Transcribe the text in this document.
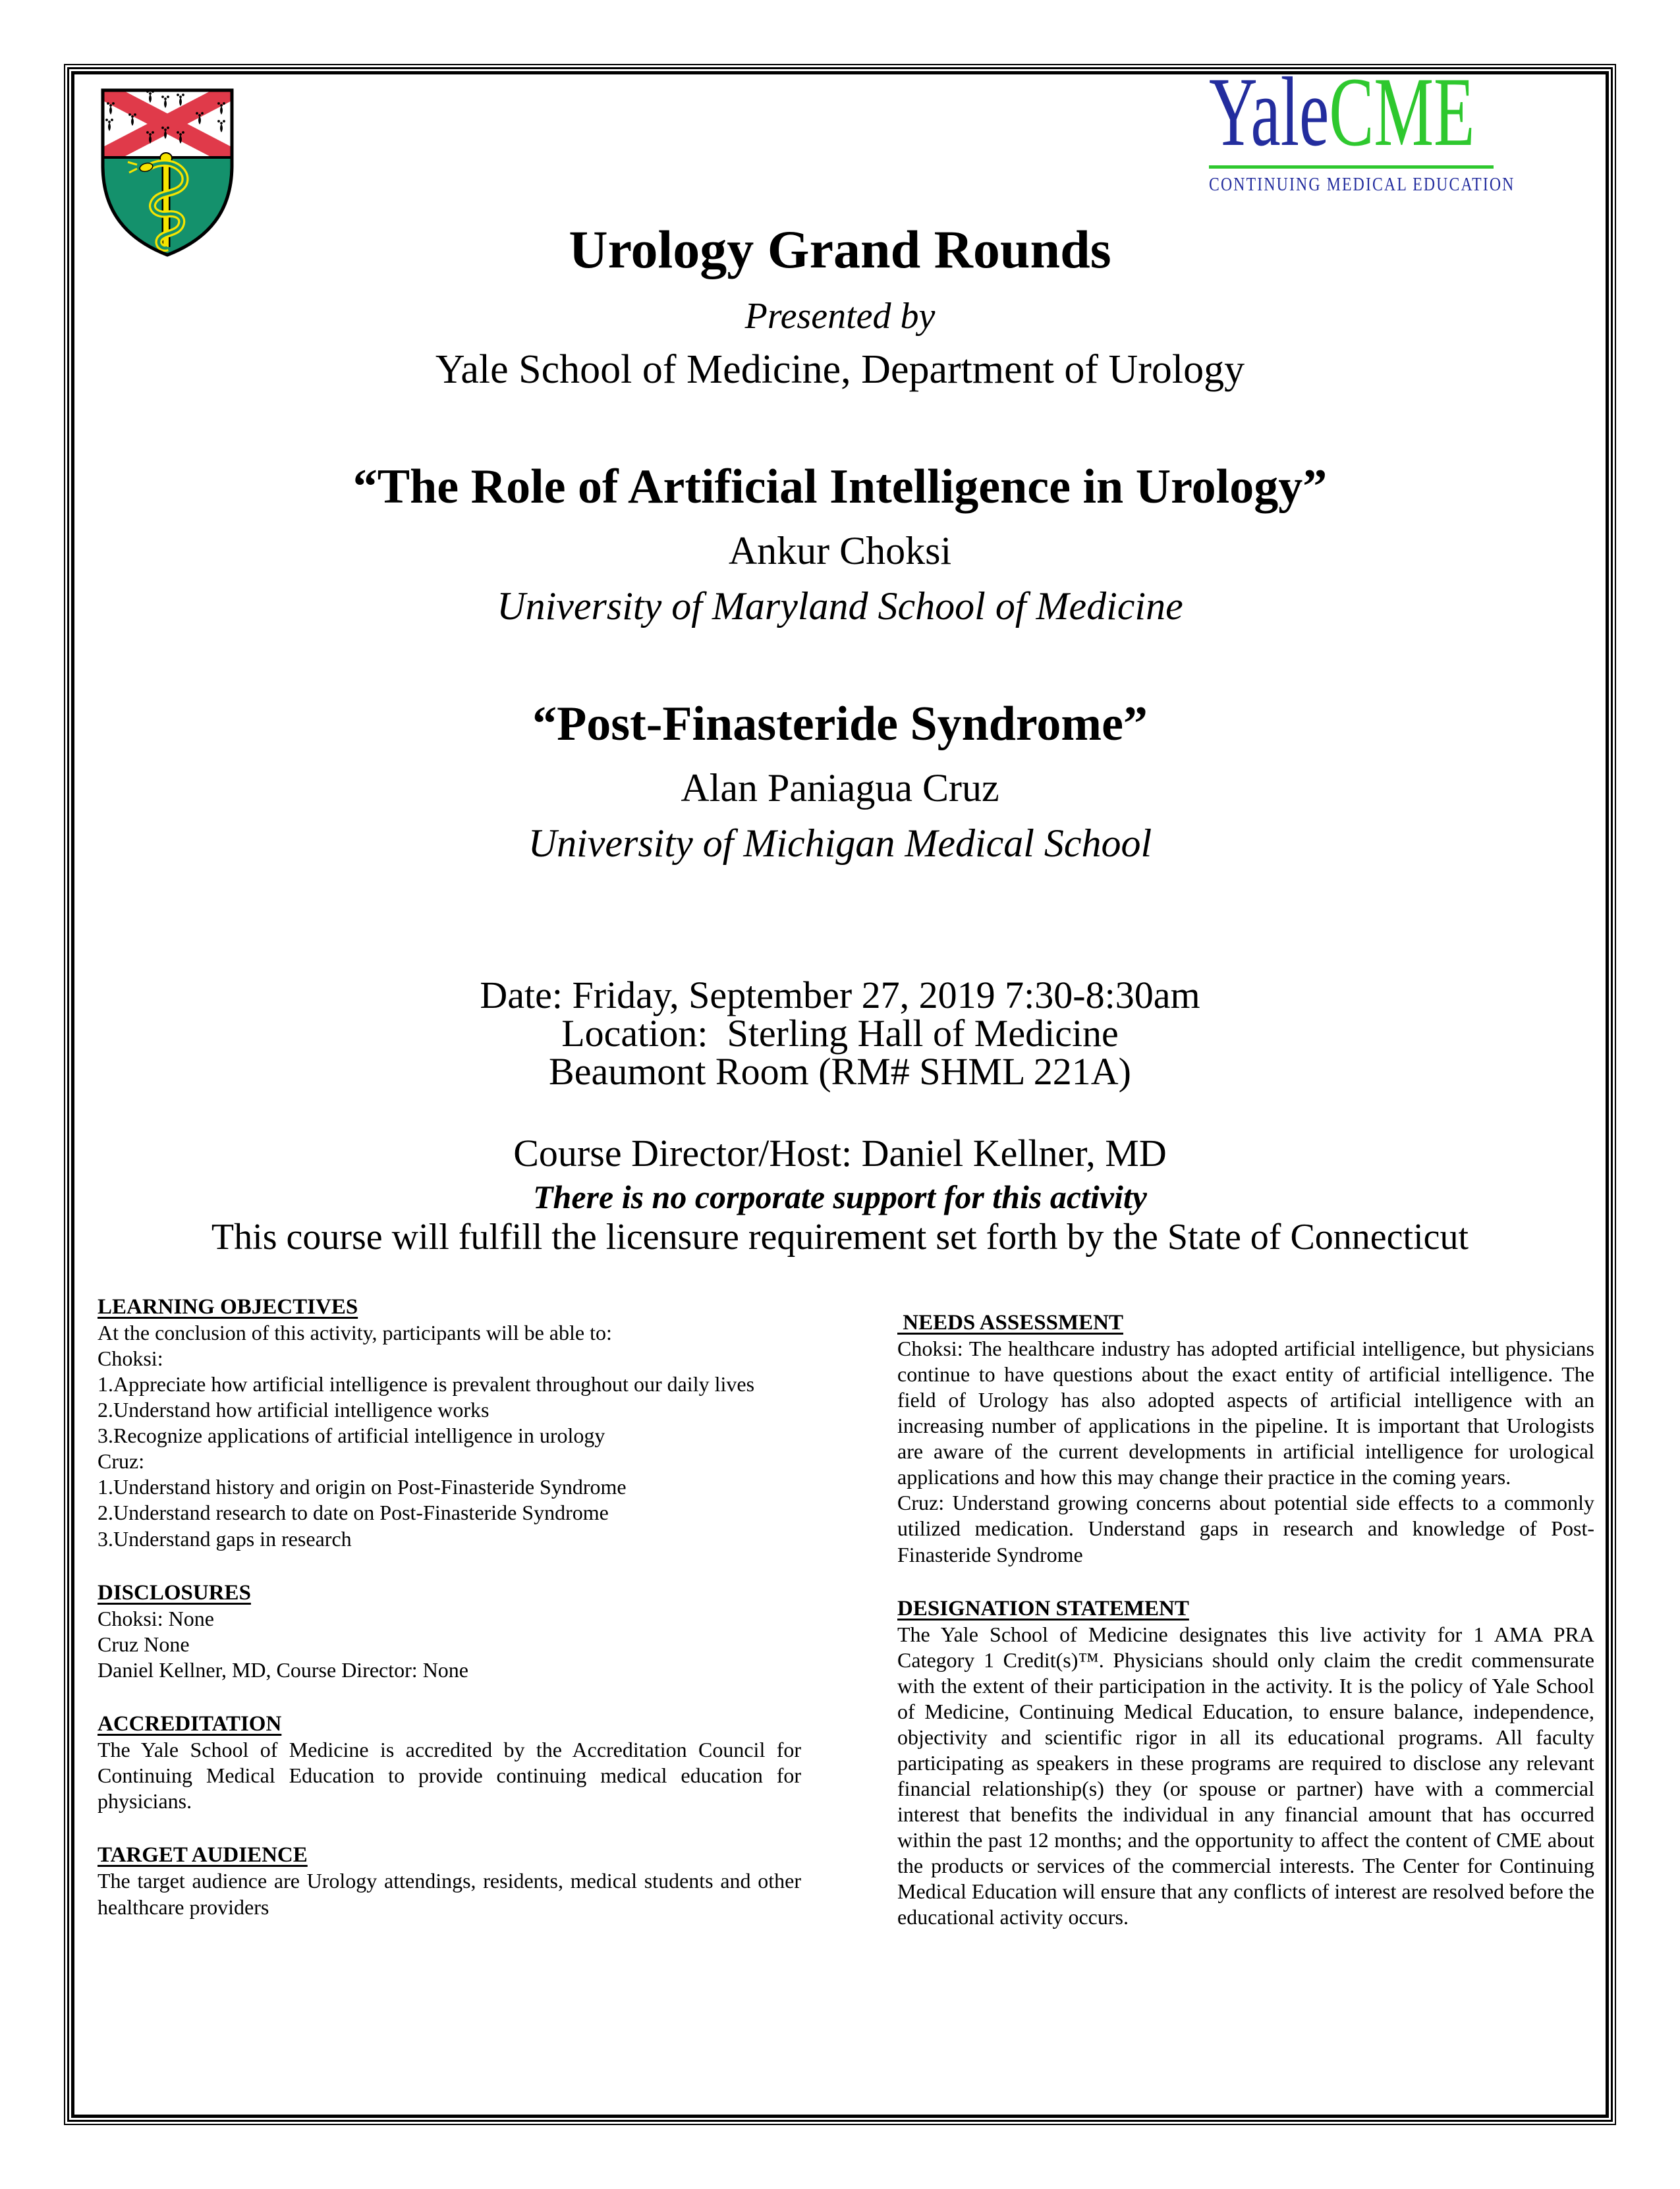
YaleCME
CONTINUING MEDICAL EDUCATION
Urology Grand Rounds
Presented by
Yale School of Medicine, Department of Urology
“The Role of Artificial Intelligence in Urology”
Ankur Choksi
University of Maryland School of Medicine
“Post-Finasteride Syndrome”
Alan Paniagua Cruz
University of Michigan Medical School
Date: Friday, September 27, 2019 7:30-8:30am
Location:  Sterling Hall of Medicine
Beaumont Room (RM# SHML 221A)
Course Director/Host: Daniel Kellner, MD
There is no corporate support for this activity
This course will fulfill the licensure requirement set forth by the State of Connecticut

LEARNING OBJECTIVES

At the conclusion of this activity, participants will be able to:

Choksi:

1.Appreciate how artificial intelligence is prevalent throughout our daily lives

2.Understand how artificial intelligence works

3.Recognize applications of artificial intelligence in urology

Cruz:

1.Understand history and origin on Post-Finasteride Syndrome

2.Understand research to date on Post-Finasteride Syndrome

3.Understand gaps in research

DISCLOSURES

Choksi: None

Cruz None

Daniel Kellner, MD, Course Director: None

ACCREDITATION

The Yale School of Medicine is accredited by the Accreditation Council for Continuing Medical Education to provide continuing medical education for physicians.

TARGET AUDIENCE

The target audience are Urology attendings, residents, medical students and other healthcare providers

NEEDS ASSESSMENT

Choksi: The healthcare industry has adopted artificial intelligence, but physicians continue to have questions about the exact entity of artificial intelligence. The field of Urology has also adopted aspects of artificial intelligence with an increasing number of applications in the pipeline. It is important that Urologists are aware of the current developments in artificial intelligence for urological applications and how this may change their practice in the coming years.

Cruz: Understand growing concerns about potential side effects to a commonly utilized medication. Understand gaps in research and knowledge of Post-Finasteride Syndrome

DESIGNATION STATEMENT

The Yale School of Medicine designates this live activity for 1 AMA PRA Category 1 Credit(s)™. Physicians should only claim the credit commensurate with the extent of their participation in the activity. It is the policy of Yale School of Medicine, Continuing Medical Education, to ensure balance, independence, objectivity and scientific rigor in all its educational programs. All faculty participating as speakers in these programs are required to disclose any relevant financial relationship(s) they (or spouse or partner) have with a commercial interest that benefits the individual in any financial amount that has occurred within the past 12 months; and the opportunity to affect the content of CME about the products or services of the commercial interests. The Center for Continuing Medical Education will ensure that any conflicts of interest are resolved before the educational activity occurs.
